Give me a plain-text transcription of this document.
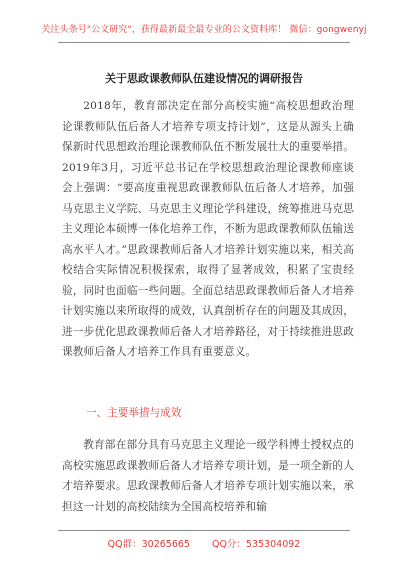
关注头条号"公文研究"，获得最新最全最专业的公文资料库！ 微信：gongwenyj
关于思政课教师队伍建设情况的调研报告

2018年，教育部决定在部分高校实施“高校思想政治理论课教师队伍后备人才培养专项支持计划”，这是从源头上确保新时代思想政治理论课教师队伍不断发展壮大的重要举措。2019年3月，习近平总书记在学校思想政治理论课教师座谈会上强调：“要高度重视思政课教师队伍后备人才培养，加强马克思主义学院、马克思主义理论学科建设，统筹推进马克思主义理论本硕博一体化培养工作，不断为思政课教师队伍输送高水平人才。”思政课教师后备人才培养计划实施以来，相关高校结合实际情况积极探索，取得了显著成效，积累了宝贵经验，同时也面临一些问题。全面总结思政课教师后备人才培养计划实施以来所取得的成效，认真剖析存在的问题及其成因，进一步优化思政课教师后备人才培养路径，对于持续推进思政课教师后备人才培养工作具有重要意义。

一、主要举措与成效

教育部在部分具有马克思主义理论一级学科博士授权点的高校实施思政课教师后备人才培养专项计划，是一项全新的人才培养要求。思政课教师后备人才培养专项计划实施以来，承担这一计划的高校陆续为全国高校培养和输

QQ群：30265665 QQ分：535304092
